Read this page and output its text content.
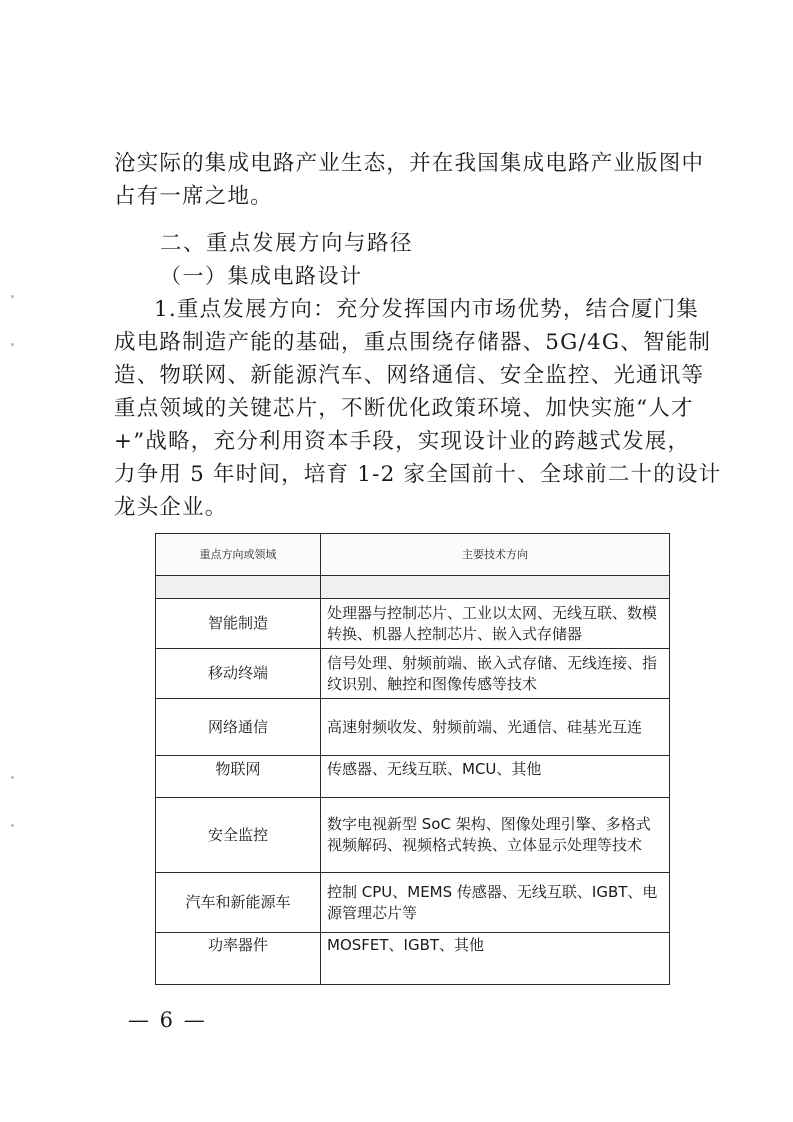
沧实际的集成电路产业生态，并在我国集成电路产业版图中
占有一席之地。
二、重点发展方向与路径
（一）集成电路设计
1.重点发展方向：充分发挥国内市场优势，结合厦门集
成电路制造产能的基础，重点围绕存储器、5G/4G、智能制
造、物联网、新能源汽车、网络通信、安全监控、光通讯等
重点领域的关键芯片，不断优化政策环境、加快实施“人才
+”战略，充分利用资本手段，实现设计业的跨越式发展，
力争用 5 年时间，培育 1-2 家全国前十、全球前二十的设计
龙头企业。
重点方向或领域	主要技术方向

智能制造	处理器与控制芯片、工业以太网、无线互联、数模转换、机器人控制芯片、嵌入式存储器
移动终端	信号处理、射频前端、嵌入式存储、无线连接、指纹识别、触控和图像传感等技术
网络通信	高速射频收发、射频前端、光通信、硅基光互连
物联网	传感器、无线互联、MCU、其他
安全监控	数字电视新型 SoC 架构、图像处理引擎、多格式视频解码、视频格式转换、立体显示处理等技术
汽车和新能源车	控制 CPU、MEMS 传感器、无线互联、IGBT、电源管理芯片等
功率器件	MOSFET、IGBT、其他
— 6 —
